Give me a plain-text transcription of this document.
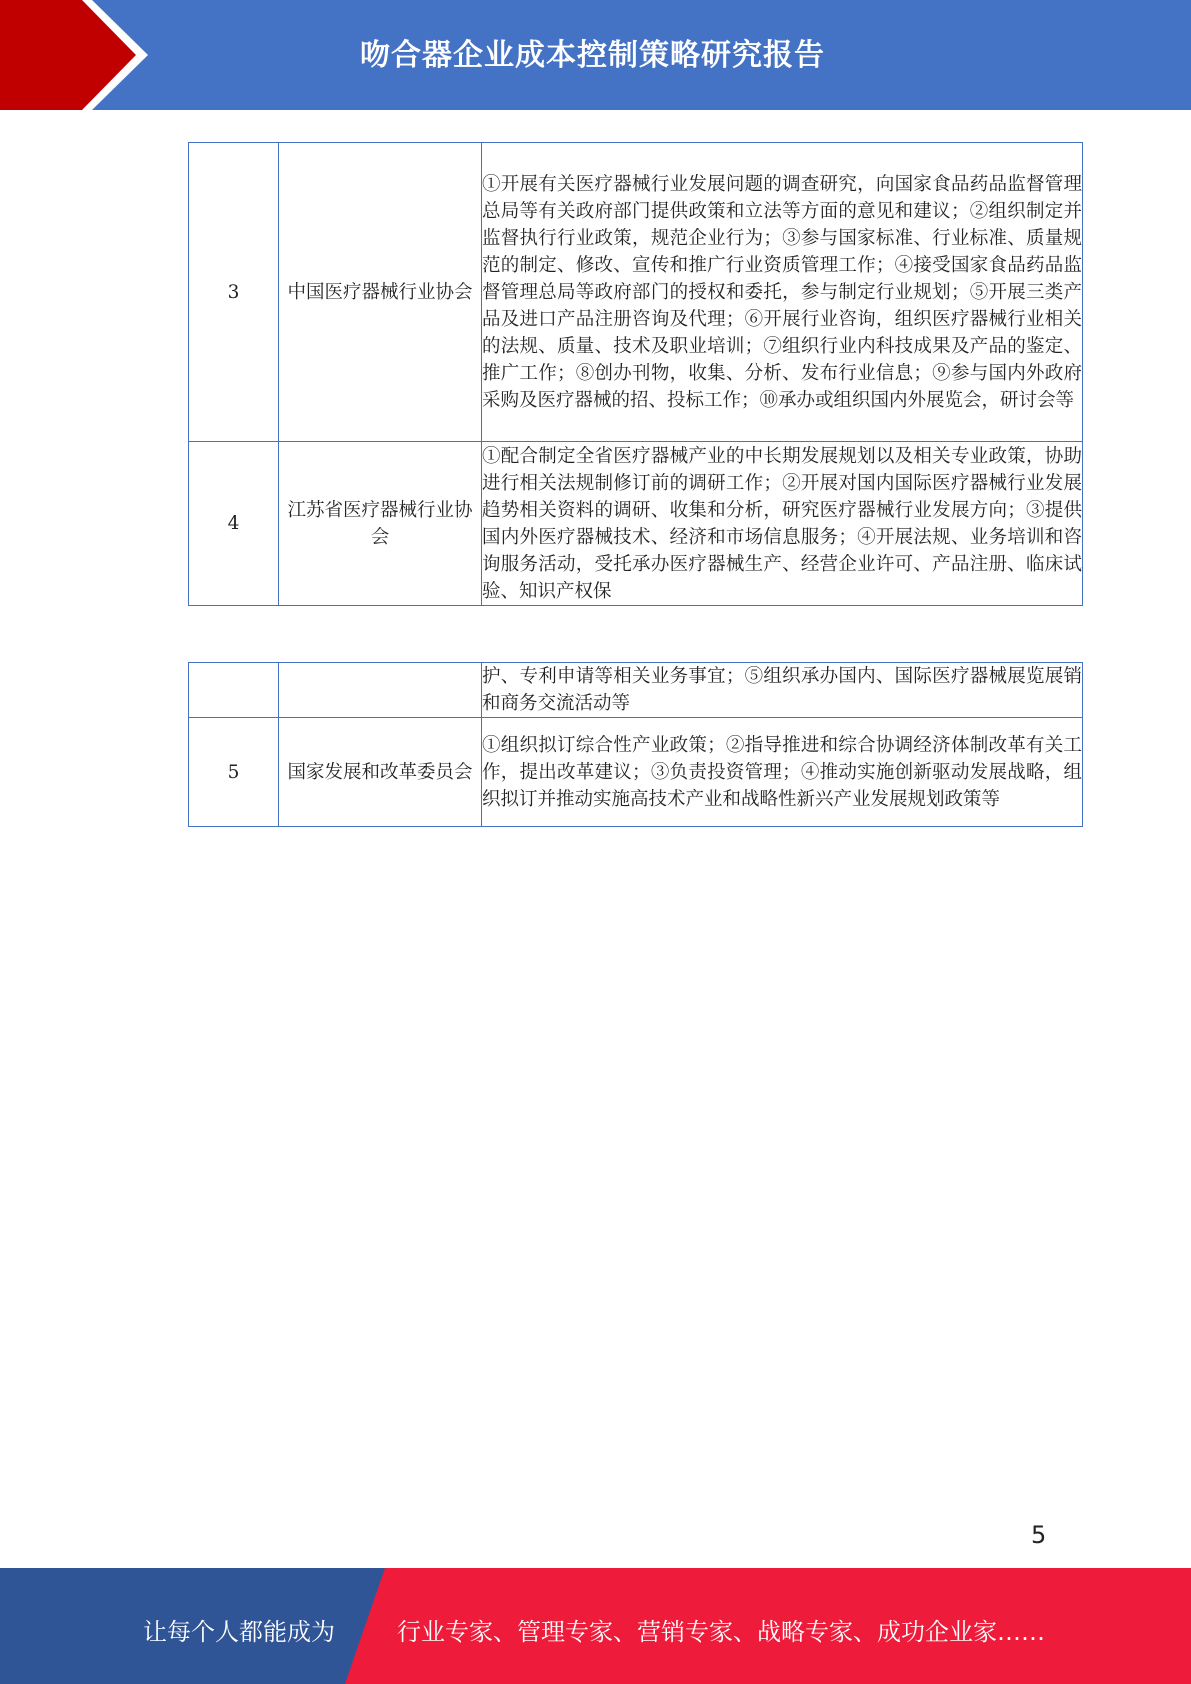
吻合器企业成本控制策略研究报告
3	中国医疗器械行业协会	①开展有关医疗器械行业发展问题的调查研究，向国家食品药品监督管理总局等有关政府部门提供政策和立法等方面的意见和建议；②组织制定并监督执行行业政策，规范企业行为；③参与国家标准、行业标准、质量规范的制定、修改、宣传和推广行业资质管理工作；④接受国家食品药品监督管理总局等政府部门的授权和委托，参与制定行业规划；⑤开展三类产品及进口产品注册咨询及代理；⑥开展行业咨询，组织医疗器械行业相关的法规、质量、技术及职业培训；⑦组织行业内科技成果及产品的鉴定、推广工作；⑧创办刊物，收集、分析、发布行业信息；⑨参与国内外政府采购及医疗器械的招、投标工作；⑩承办或组织国内外展览会，研讨会等
4	江苏省医疗器械行业协会	①配合制定全省医疗器械产业的中长期发展规划以及相关专业政策，协助进行相关法规制修订前的调研工作；②开展对国内国际医疗器械行业发展趋势相关资料的调研、收集和分析，研究医疗器械行业发展方向；③提供国内外医疗器械技术、经济和市场信息服务；④开展法规、业务培训和咨询服务活动，受托承办医疗器械生产、经营企业许可、产品注册、临床试验、知识产权保
		护、专利申请等相关业务事宜；⑤组织承办国内、国际医疗器械展览展销和商务交流活动等
5	国家发展和改革委员会	①组织拟订综合性产业政策；②指导推进和综合协调经济体制改革有关工作，提出改革建议；③负责投资管理；④推动实施创新驱动发展战略，组织拟订并推动实施高技术产业和战略性新兴产业发展规划政策等
5
让每个人都能成为	行业专家、管理专家、营销专家、战略专家、成功企业家……
